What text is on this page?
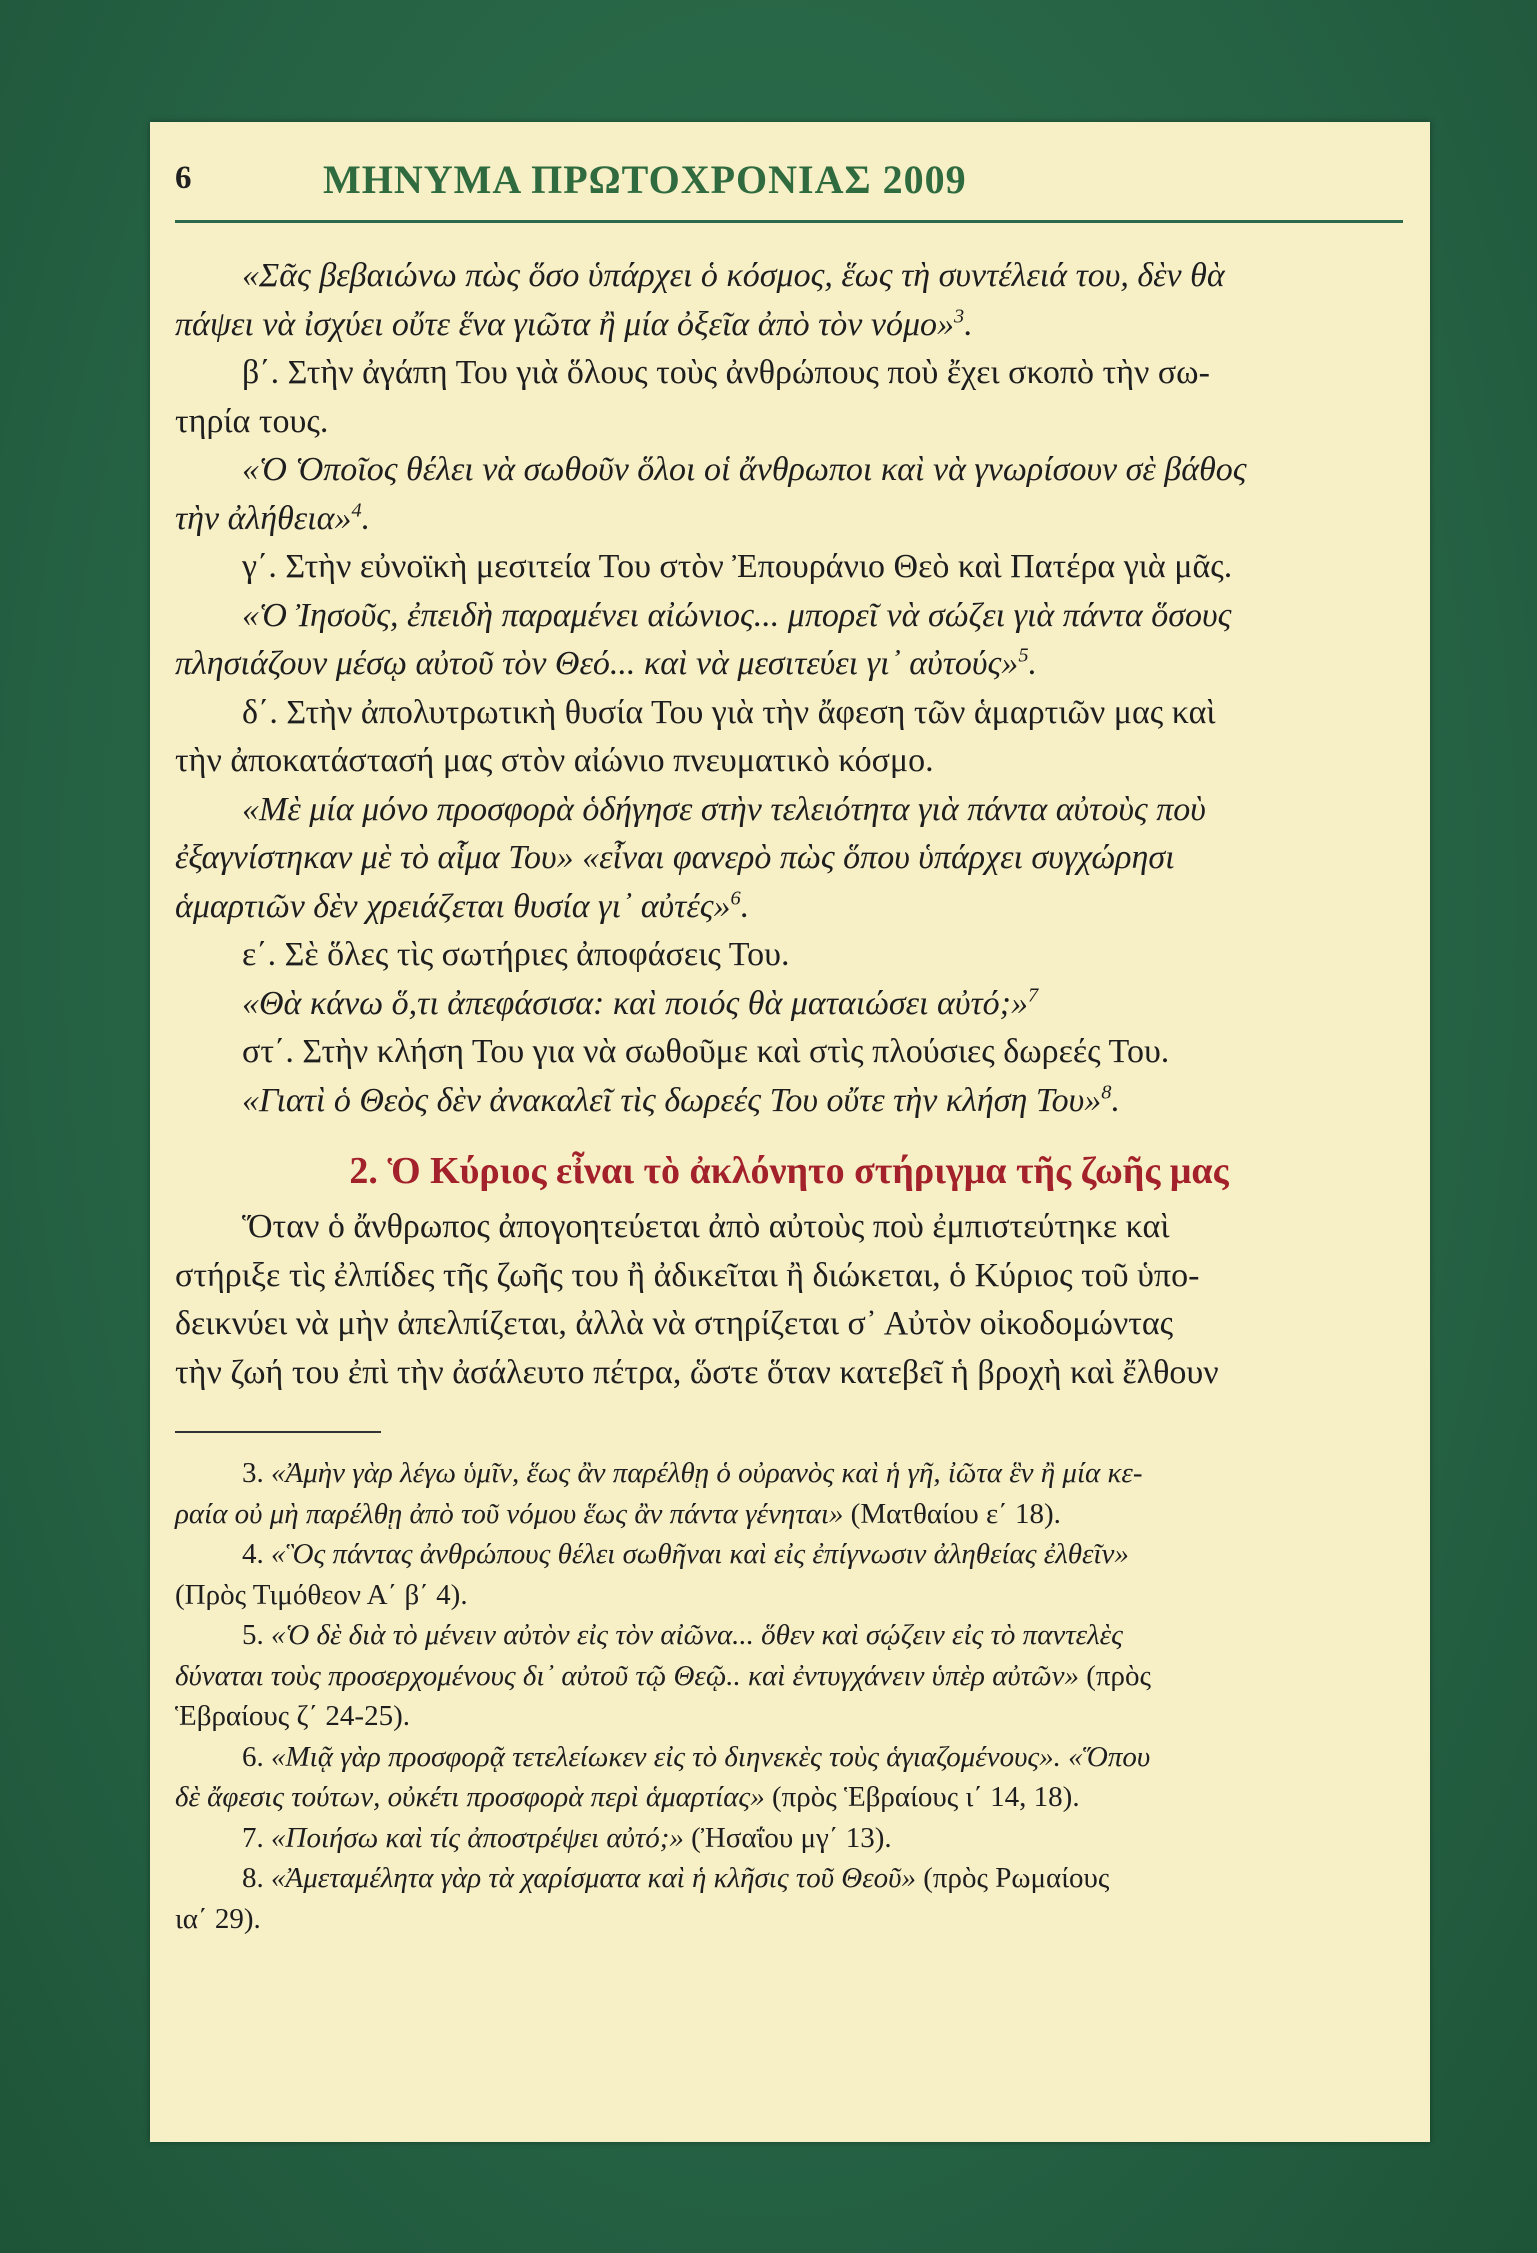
6	ΜΗΝΥΜΑ ΠΡΩΤΟΧΡΟΝΙΑΣ 2009

«Σᾶς βεβαιώνω πὼς ὅσο ὑπάρχει ὁ κόσμος, ἕως τὴ συντέλειά του, δὲν θὰ

πάψει νὰ ἰσχύει οὔτε ἕνα γιῶτα ἢ μία ὀξεῖα ἀπὸ τὸν νόμο»$^3$.

β΄. Στὴν ἀγάπη Του γιὰ ὅλους τοὺς ἀνθρώπους ποὺ ἔχει σκοπὸ τὴν σω-

τηρία τους.

«Ὁ Ὁποῖος θέλει νὰ σωθοῦν ὅλοι οἱ ἄνθρωποι καὶ νὰ γνωρίσουν σὲ βάθος

τὴν ἀλήθεια»$^4$.

γ΄. Στὴν εὐνοϊκὴ μεσιτεία Του στὸν Ἐπουράνιο Θεὸ καὶ Πατέρα γιὰ μᾶς.

«Ὁ Ἰησοῦς, ἐπειδὴ παραμένει αἰώνιος... μπορεῖ νὰ σώζει γιὰ πάντα ὅσους

πλησιάζουν μέσῳ αὐτοῦ τὸν Θεό... καὶ νὰ μεσιτεύει γι᾽ αὐτούς»$^5$.

δ΄. Στὴν ἀπολυτρωτικὴ θυσία Του γιὰ τὴν ἄφεση τῶν ἁμαρτιῶν μας καὶ

τὴν ἀποκατάστασή μας στὸν αἰώνιο πνευματικὸ κόσμο.

«Μὲ μία μόνο προσφορὰ ὁδήγησε στὴν τελειότητα γιὰ πάντα αὐτοὺς ποὺ

ἐξαγνίστηκαν μὲ τὸ αἷμα Του» «εἶναι φανερὸ πὼς ὅπου ὑπάρχει συγχώρησι

ἁμαρτιῶν δὲν χρειάζεται θυσία γι᾽ αὐτές»$^6$.

ε΄. Σὲ ὅλες τὶς σωτήριες ἀποφάσεις Του.

«Θὰ κάνω ὅ,τι ἀπεφάσισα: καὶ ποιός θὰ ματαιώσει αὐτό;»$^7$

στ΄. Στὴν κλήση Του για νὰ σωθοῦμε καὶ στὶς πλούσιες δωρεές Του.

«Γιατὶ ὁ Θεὸς δὲν ἀνακαλεῖ τὶς δωρεές Του οὔτε τὴν κλήση Του»$^8$.

2. Ὁ Κύριος εἶναι τὸ ἀκλόνητο στήριγμα τῆς ζωῆς μας

Ὅταν ὁ ἄνθρωπος ἀπογοητεύεται ἀπὸ αὐτοὺς ποὺ ἐμπιστεύτηκε καὶ

στήριξε τὶς ἐλπίδες τῆς ζωῆς του ἢ ἀδικεῖται ἢ διώκεται, ὁ Κύριος τοῦ ὑπο-

δεικνύει νὰ μὴν ἀπελπίζεται, ἀλλὰ νὰ στηρίζεται σ᾽ Αὐτὸν οἰκοδομώντας

τὴν ζωή του ἐπὶ τὴν ἀσάλευτο πέτρα, ὥστε ὅταν κατεβεῖ ἡ βροχὴ καὶ ἔλθουν

3. «Ἀμὴν γὰρ λέγω ὑμῖν, ἕως ἂν παρέλθῃ ὁ οὐρανὸς καὶ ἡ γῆ, ἰῶτα ἓν ἢ μία κε-

ραία οὐ μὴ παρέλθῃ ἀπὸ τοῦ νόμου ἕως ἂν πάντα γένηται» (Ματθαίου ε΄ 18).

4. «Ὃς πάντας ἀνθρώπους θέλει σωθῆναι καὶ εἰς ἐπίγνωσιν ἀληθείας ἐλθεῖν»

(Πρὸς Τιμόθεον Α΄ β΄ 4).

5. «Ὁ δὲ διὰ τὸ μένειν αὐτὸν εἰς τὸν αἰῶνα... ὅθεν καὶ σῴζειν εἰς τὸ παντελὲς

δύναται τοὺς προσερχομένους δι᾽ αὐτοῦ τῷ Θεῷ.. καὶ ἐντυγχάνειν ὑπὲρ αὐτῶν» (πρὸς

Ἑβραίους ζ΄ 24-25).

6. «Μιᾷ γὰρ προσφορᾷ τετελείωκεν εἰς τὸ διηνεκὲς τοὺς ἁγιαζομένους». «Ὅπου

δὲ ἄφεσις τούτων, οὐκέτι προσφορὰ περὶ ἁμαρτίας» (πρὸς Ἑβραίους ι΄ 14, 18).

7. «Ποιήσω καὶ τίς ἀποστρέψει αὐτό;» (Ἠσαΐου μγ΄ 13).

8. «Ἀμεταμέλητα γὰρ τὰ χαρίσματα καὶ ἡ κλῆσις τοῦ Θεοῦ» (πρὸς Ρωμαίους

ια΄ 29).
